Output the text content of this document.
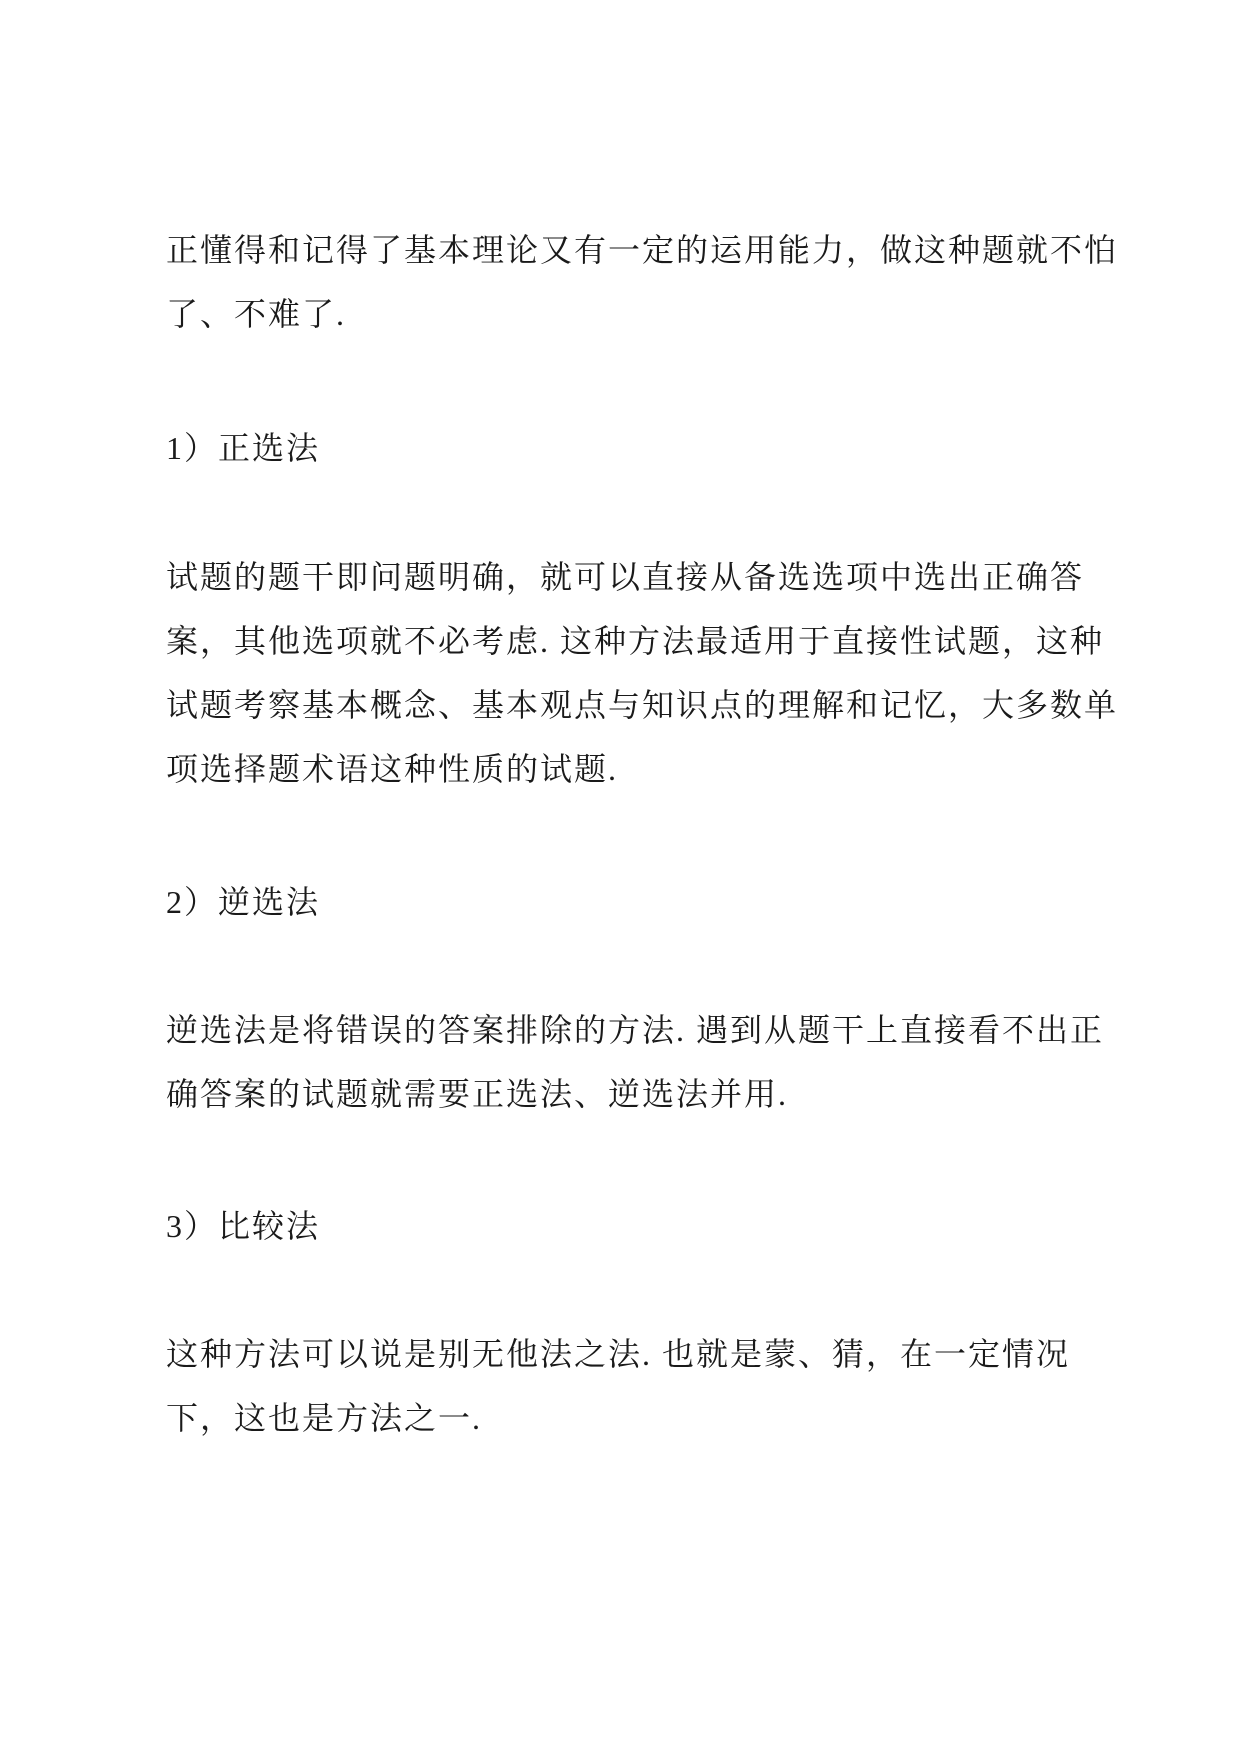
正懂得和记得了基本理论又有一定的运用能力，做这种题就不怕
了、不难了.

1）正选法

试题的题干即问题明确，就可以直接从备选选项中选出正确答
案，其他选项就不必考虑. 这种方法最适用于直接性试题，这种
试题考察基本概念、基本观点与知识点的理解和记忆，大多数单
项选择题术语这种性质的试题.

2）逆选法

逆选法是将错误的答案排除的方法. 遇到从题干上直接看不出正
确答案的试题就需要正选法、逆选法并用.

3）比较法

这种方法可以说是别无他法之法. 也就是蒙、猜，在一定情况
下，这也是方法之一.
